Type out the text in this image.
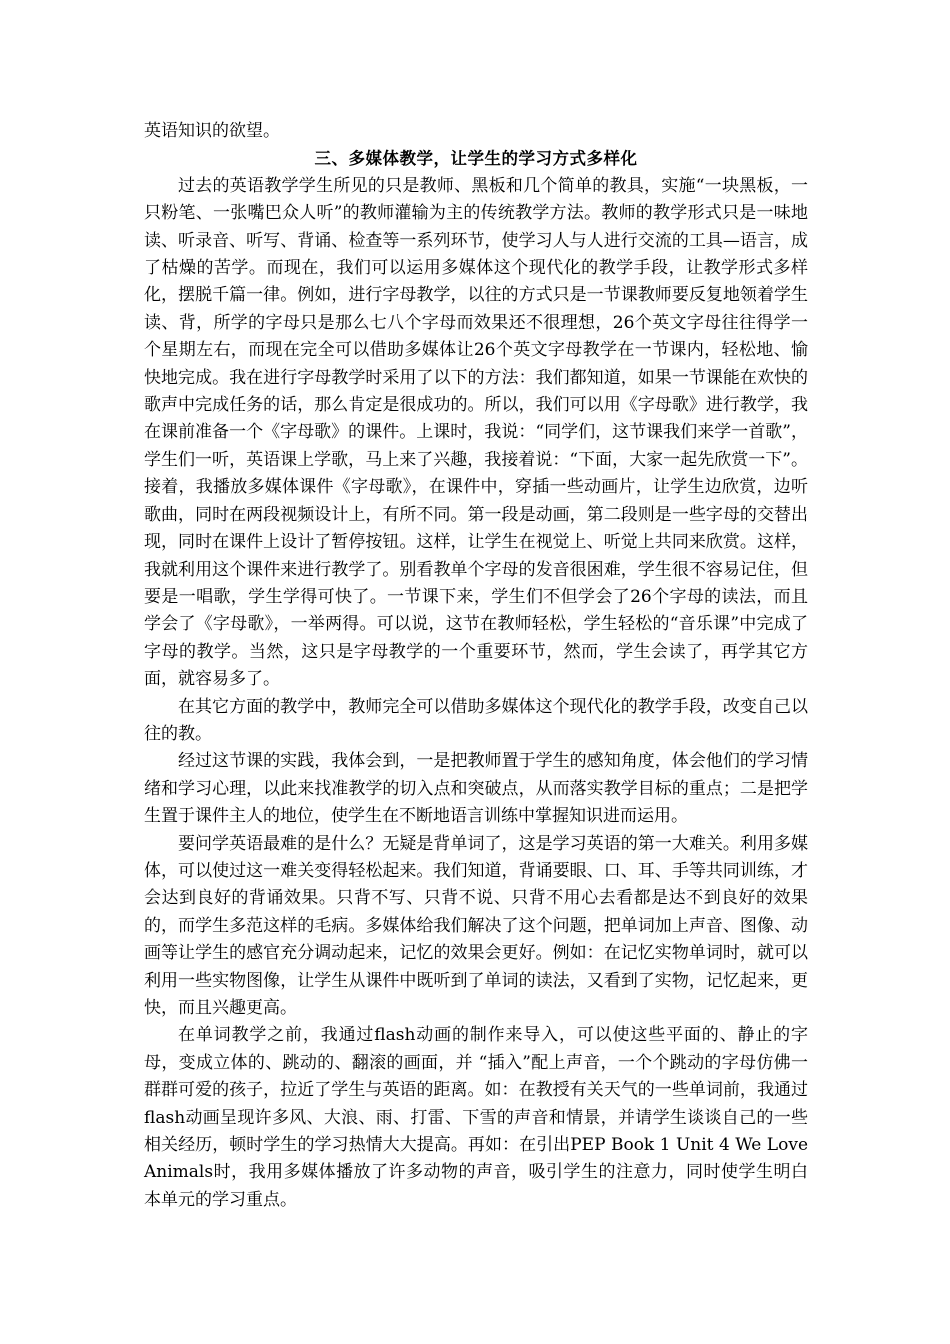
英语知识的欲望。

三、多媒体教学，让学生的学习方式多样化

过去的英语教学学生所见的只是教师、黑板和几个简单的教具，实施“一块黑板，一只粉笔、一张嘴巴众人听”的教师灌输为主的传统教学方法。教师的教学形式只是一味地读、听录音、听写、背诵、检查等一系列环节，使学习人与人进行交流的工具—语言，成了枯燥的苦学。而现在，我们可以运用多媒体这个现代化的教学手段，让教学形式多样化，摆脱千篇一律。例如，进行字母教学，以往的方式只是一节课教师要反复地领着学生读、背，所学的字母只是那么七八个字母而效果还不很理想，26个英文字母往往得学一个星期左右，而现在完全可以借助多媒体让26个英文字母教学在一节课内，轻松地、愉快地完成。我在进行字母教学时采用了以下的方法：我们都知道，如果一节课能在欢快的歌声中完成任务的话，那么肯定是很成功的。所以，我们可以用《字母歌》进行教学，我在课前准备一个《字母歌》的课件。上课时，我说：“同学们，这节课我们来学一首歌”，学生们一听，英语课上学歌，马上来了兴趣，我接着说：“下面，大家一起先欣赏一下”。接着，我播放多媒体课件《字母歌》，在课件中，穿插一些动画片，让学生边欣赏，边听歌曲，同时在两段视频设计上，有所不同。第一段是动画，第二段则是一些字母的交替出现，同时在课件上设计了暂停按钮。这样，让学生在视觉上、听觉上共同来欣赏。这样，我就利用这个课件来进行教学了。别看教单个字母的发音很困难，学生很不容易记住，但要是一唱歌，学生学得可快了。一节课下来，学生们不但学会了26个字母的读法，而且学会了《字母歌》，一举两得。可以说，这节在教师轻松，学生轻松的“音乐课”中完成了字母的教学。当然，这只是字母教学的一个重要环节，然而，学生会读了，再学其它方面，就容易多了。

在其它方面的教学中，教师完全可以借助多媒体这个现代化的教学手段，改变自己以往的教。

经过这节课的实践，我体会到，一是把教师置于学生的感知角度，体会他们的学习情绪和学习心理，以此来找准教学的切入点和突破点，从而落实教学目标的重点；二是把学生置于课件主人的地位，使学生在不断地语言训练中掌握知识进而运用。

要问学英语最难的是什么？无疑是背单词了，这是学习英语的第一大难关。利用多媒体，可以使过这一难关变得轻松起来。我们知道，背诵要眼、口、耳、手等共同训练，才会达到良好的背诵效果。只背不写、只背不说、只背不用心去看都是达不到良好的效果的，而学生多范这样的毛病。多媒体给我们解决了这个问题，把单词加上声音、图像、动画等让学生的感官充分调动起来，记忆的效果会更好。例如：在记忆实物单词时，就可以利用一些实物图像，让学生从课件中既听到了单词的读法，又看到了实物，记忆起来，更快，而且兴趣更高。

在单词教学之前，我通过flash动画的制作来导入，可以使这些平面的、静止的字母，变成立体的、跳动的、翻滚的画面，并 “插入”配上声音，一个个跳动的字母仿佛一群群可爱的孩子，拉近了学生与英语的距离。如：在教授有关天气的一些单词前，我通过flash动画呈现许多风、大浪、雨、打雷、下雪的声音和情景，并请学生谈谈自己的一些相关经历，顿时学生的学习热情大大提高。再如：在引出PEP Book 1 Unit 4 We Love Animals时，我用多媒体播放了许多动物的声音，吸引学生的注意力，同时使学生明白本单元的学习重点。
